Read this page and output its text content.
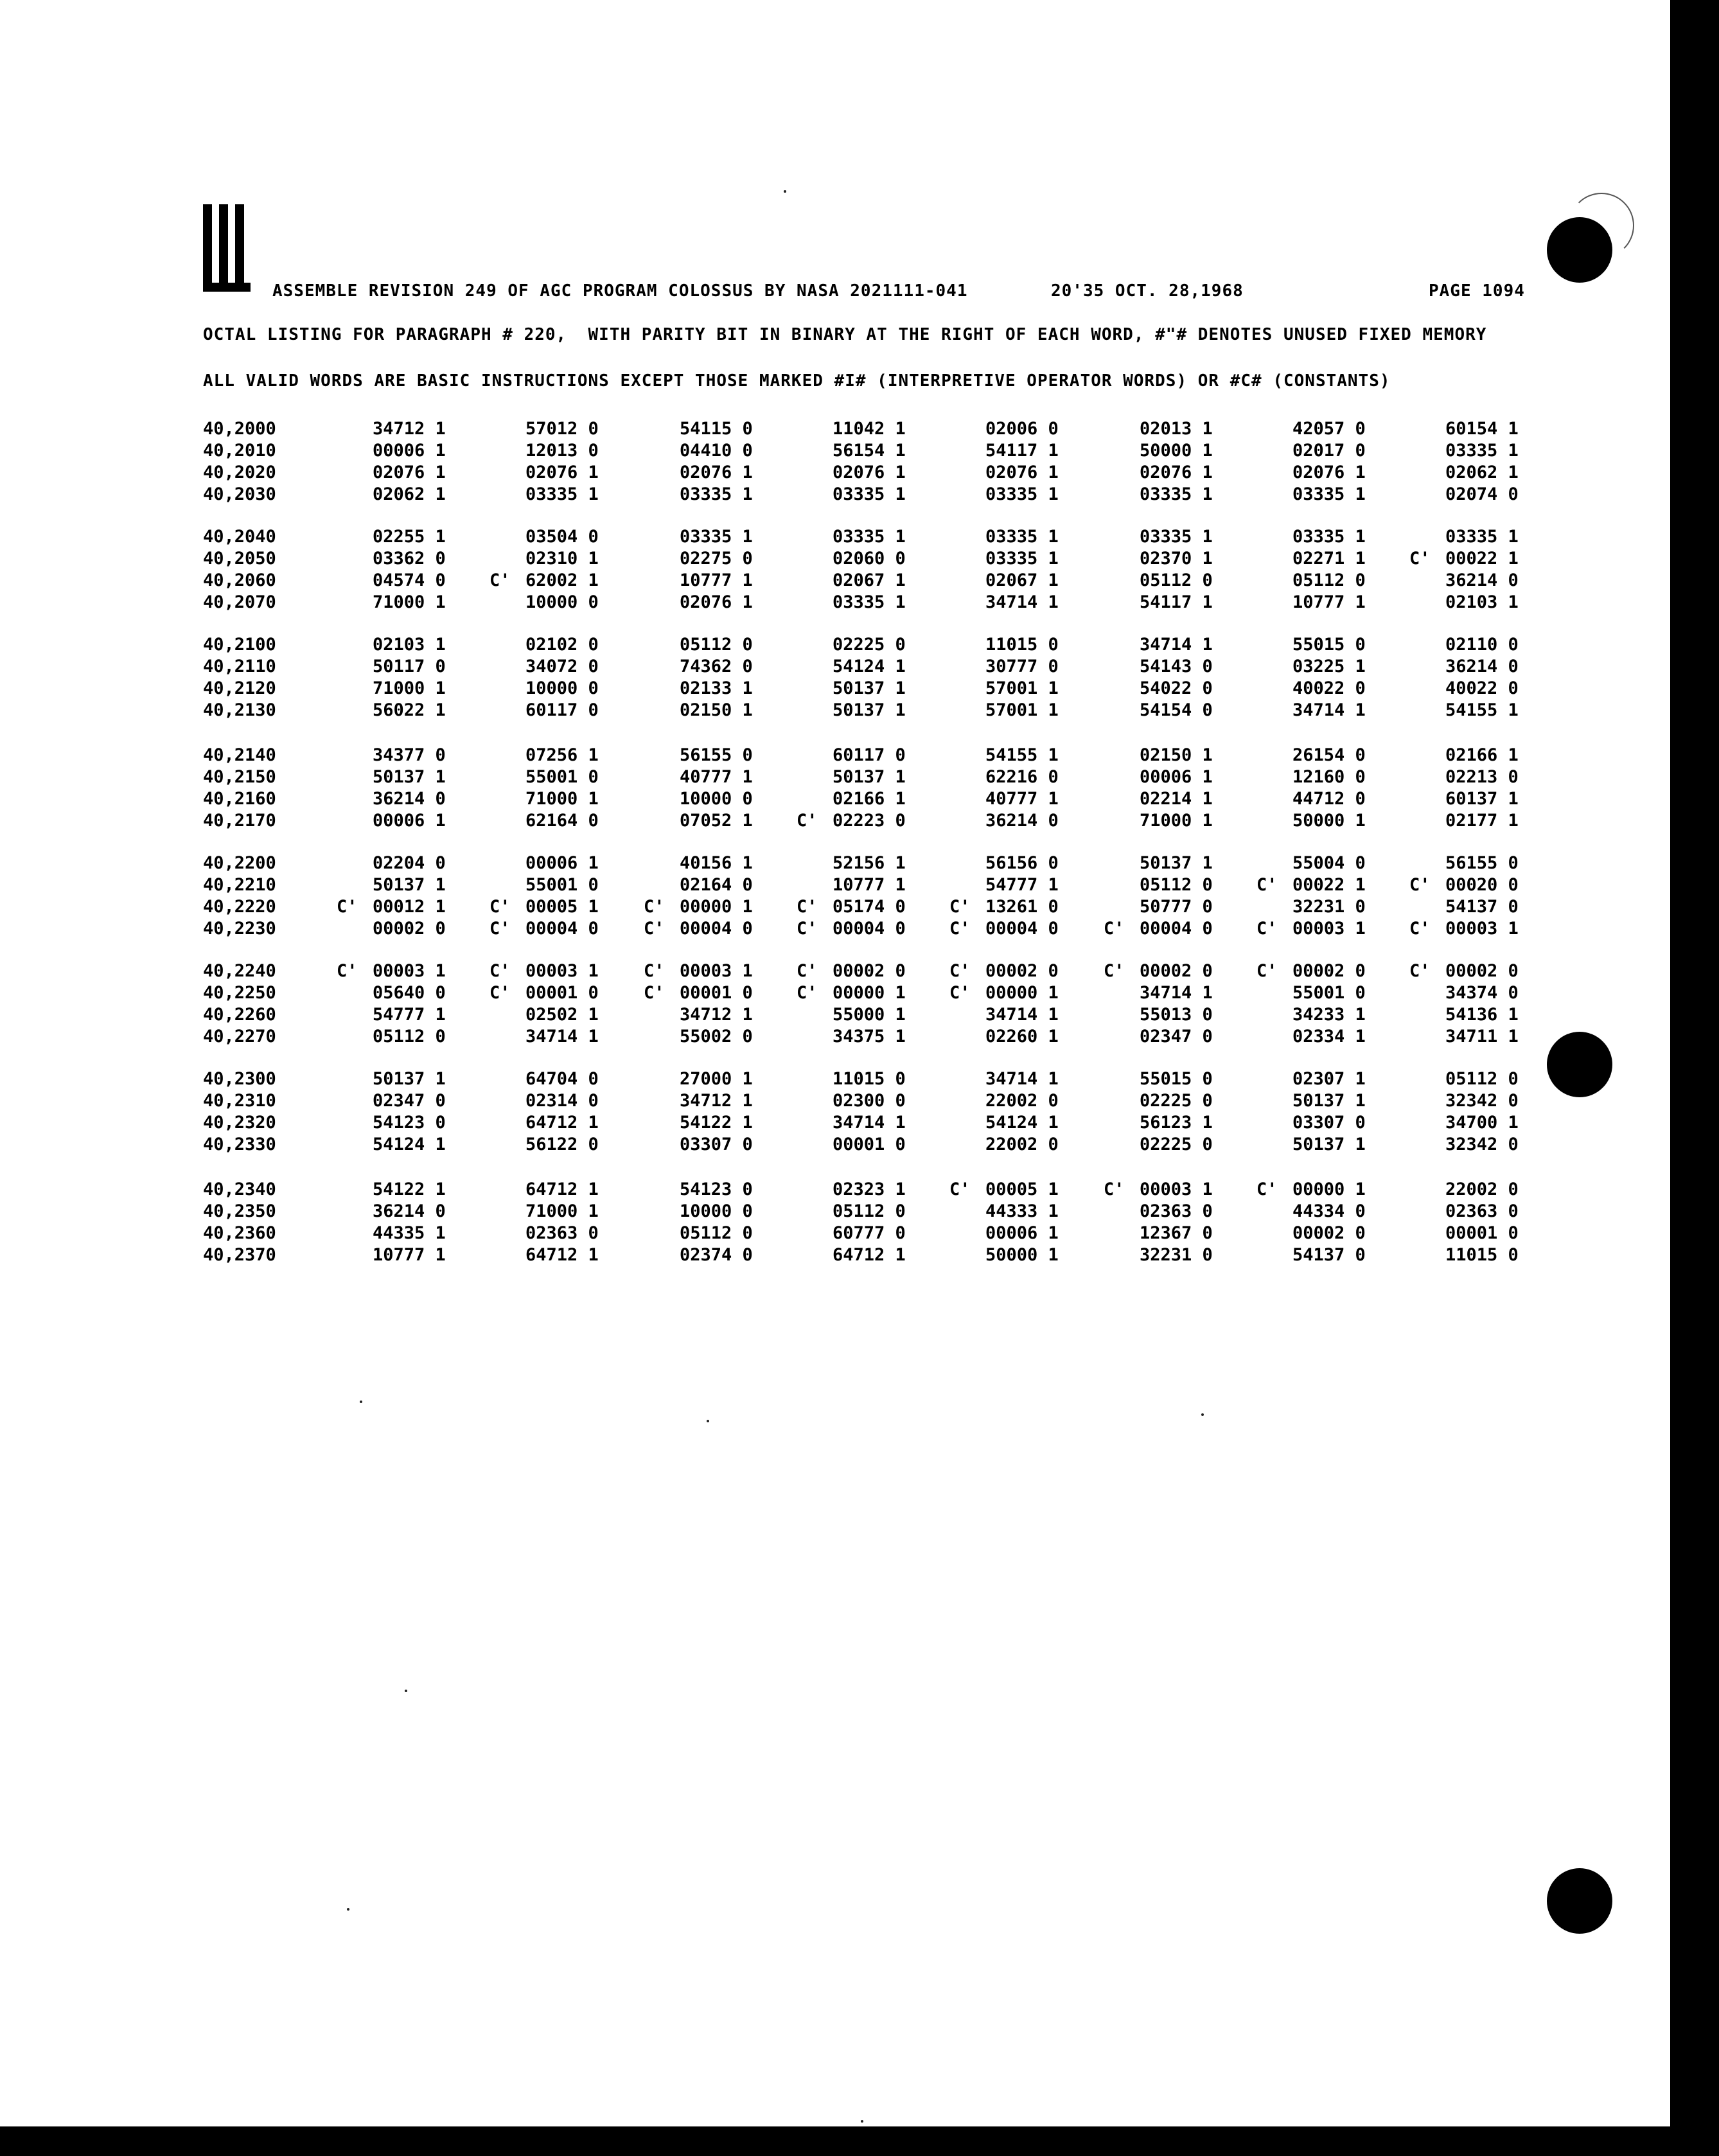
ASSEMBLE REVISION 249 OF AGC PROGRAM COLOSSUS BY NASA 2021111-041	20'35 OCT. 28,1968	PAGE 1094
OCTAL LISTING FOR PARAGRAPH # 220,  WITH PARITY BIT IN BINARY AT THE RIGHT OF EACH WORD, #"# DENOTES UNUSED FIXED MEMORY
ALL VALID WORDS ARE BASIC INSTRUCTIONS EXCEPT THOSE MARKED #I# (INTERPRETIVE OPERATOR WORDS) OR #C# (CONSTANTS)
40,2000	34712 1	57012 0	54115 0	11042 1	02006 0	02013 1	42057 0	60154 1
40,2010	00006 1	12013 0	04410 0	56154 1	54117 1	50000 1	02017 0	03335 1
40,2020	02076 1	02076 1	02076 1	02076 1	02076 1	02076 1	02076 1	02062 1
40,2030	02062 1	03335 1	03335 1	03335 1	03335 1	03335 1	03335 1	02074 0
40,2040	02255 1	03504 0	03335 1	03335 1	03335 1	03335 1	03335 1	03335 1
40,2050	03362 0	02310 1	02275 0	02060 0	03335 1	02370 1	02271 1	C' 00022 1
40,2060	04574 0	C' 62002 1	10777 1	02067 1	02067 1	05112 0	05112 0	36214 0
40,2070	71000 1	10000 0	02076 1	03335 1	34714 1	54117 1	10777 1	02103 1
40,2100	02103 1	02102 0	05112 0	02225 0	11015 0	34714 1	55015 0	02110 0
40,2110	50117 0	34072 0	74362 0	54124 1	30777 0	54143 0	03225 1	36214 0
40,2120	71000 1	10000 0	02133 1	50137 1	57001 1	54022 0	40022 0	40022 0
40,2130	56022 1	60117 0	02150 1	50137 1	57001 1	54154 0	34714 1	54155 1
40,2140	34377 0	07256 1	56155 0	60117 0	54155 1	02150 1	26154 0	02166 1
40,2150	50137 1	55001 0	40777 1	50137 1	62216 0	00006 1	12160 0	02213 0
40,2160	36214 0	71000 1	10000 0	02166 1	40777 1	02214 1	44712 0	60137 1
40,2170	00006 1	62164 0	07052 1	C' 02223 0	36214 0	71000 1	50000 1	02177 1
40,2200	02204 0	00006 1	40156 1	52156 1	56156 0	50137 1	55004 0	56155 0
40,2210	50137 1	55001 0	02164 0	10777 1	54777 1	05112 0	C' 00022 1	C' 00020 0
40,2220	C' 00012 1	C' 00005 1	C' 00000 1	C' 05174 0	C' 13261 0	50777 0	32231 0	54137 0
40,2230	00002 0	C' 00004 0	C' 00004 0	C' 00004 0	C' 00004 0	C' 00004 0	C' 00003 1	C' 00003 1
40,2240	C' 00003 1	C' 00003 1	C' 00003 1	C' 00002 0	C' 00002 0	C' 00002 0	C' 00002 0	C' 00002 0
40,2250	05640 0	C' 00001 0	C' 00001 0	C' 00000 1	C' 00000 1	34714 1	55001 0	34374 0
40,2260	54777 1	02502 1	34712 1	55000 1	34714 1	55013 0	34233 1	54136 1
40,2270	05112 0	34714 1	55002 0	34375 1	02260 1	02347 0	02334 1	34711 1
40,2300	50137 1	64704 0	27000 1	11015 0	34714 1	55015 0	02307 1	05112 0
40,2310	02347 0	02314 0	34712 1	02300 0	22002 0	02225 0	50137 1	32342 0
40,2320	54123 0	64712 1	54122 1	34714 1	54124 1	56123 1	03307 0	34700 1
40,2330	54124 1	56122 0	03307 0	00001 0	22002 0	02225 0	50137 1	32342 0
40,2340	54122 1	64712 1	54123 0	02323 1	C' 00005 1	C' 00003 1	C' 00000 1	22002 0
40,2350	36214 0	71000 1	10000 0	05112 0	44333 1	02363 0	44334 0	02363 0
40,2360	44335 1	02363 0	05112 0	60777 0	00006 1	12367 0	00002 0	00001 0
40,2370	10777 1	64712 1	02374 0	64712 1	50000 1	32231 0	54137 0	11015 0
